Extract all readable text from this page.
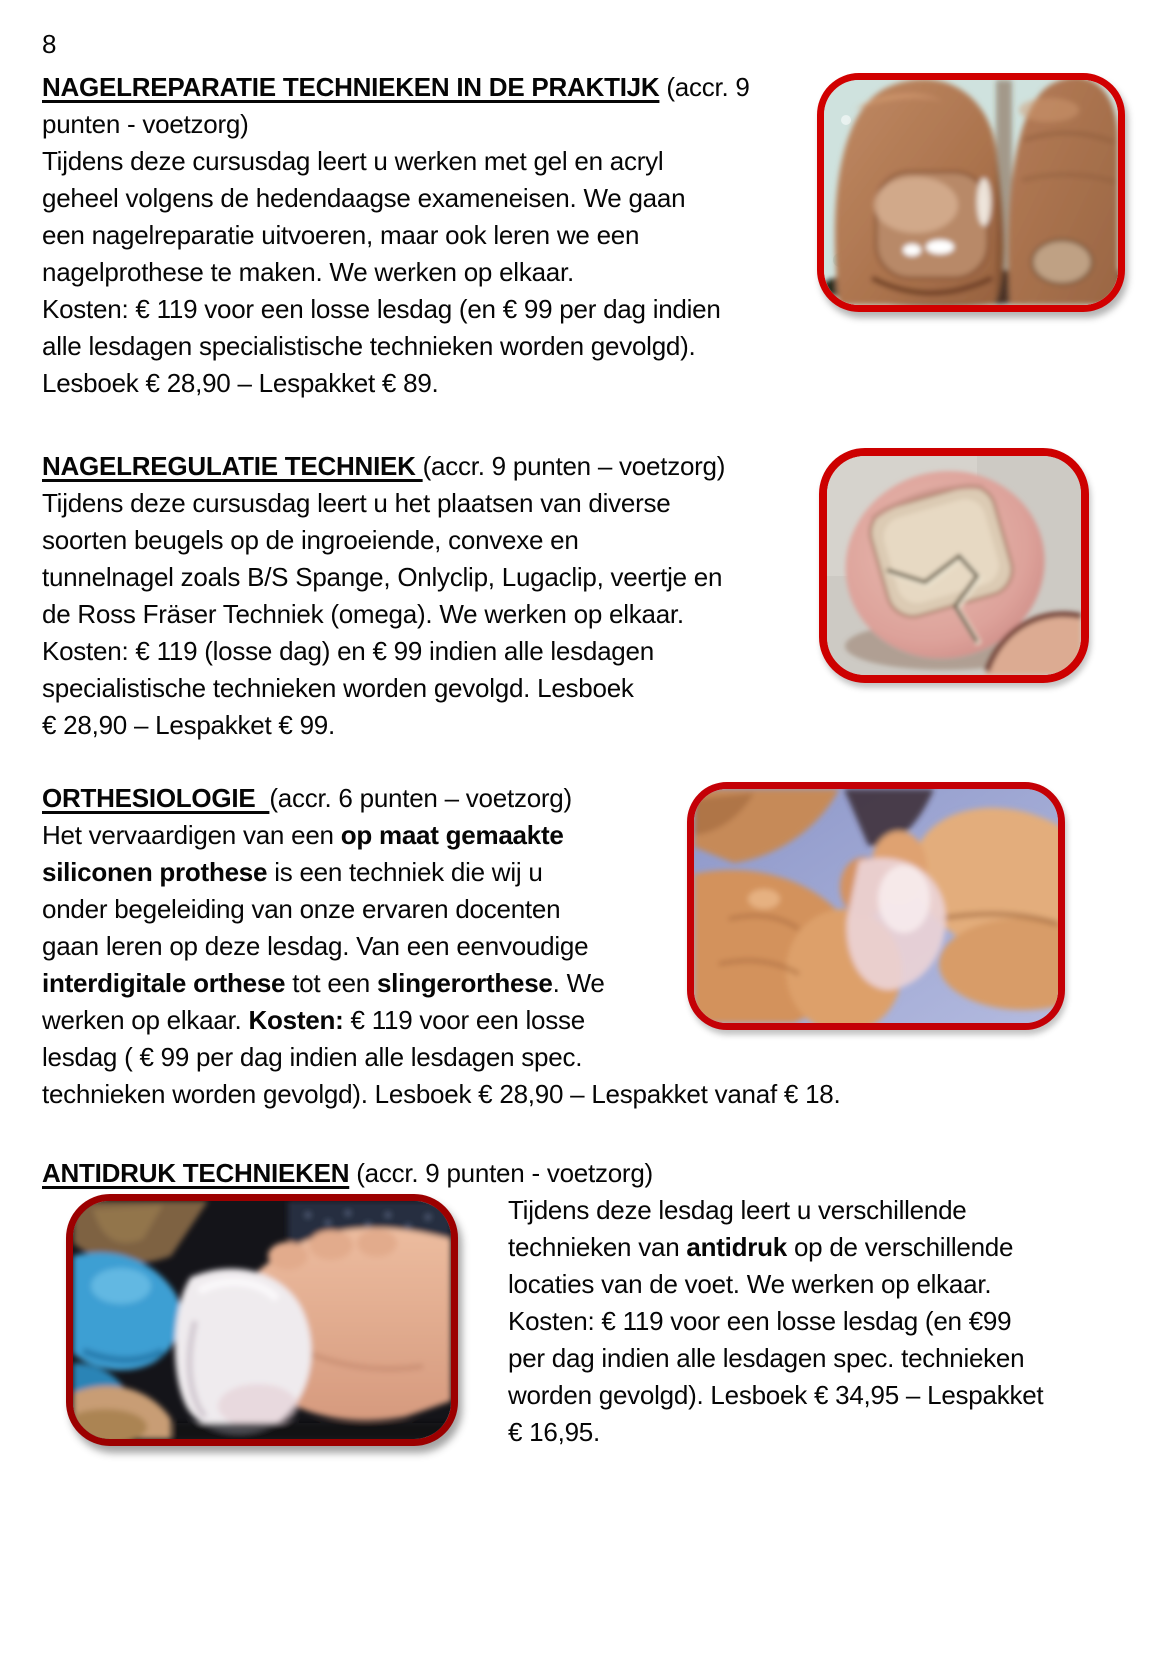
8

NAGELREPARATIE TECHNIEKEN IN DE PRAKTIJK (accr. 9
punten - voetzorg)

Tijdens deze cursusdag leert u werken met gel en acryl
geheel volgens de hedendaagse exameneisen. We gaan
een nagelreparatie uitvoeren, maar ook leren we een
nagelprothese te maken. We werken op elkaar.
Kosten: € 119 voor een losse lesdag (en € 99 per dag indien
alle lesdagen specialistische technieken worden gevolgd).
Lesboek € 28,90 – Lespakket € 89.

NAGELREGULATIE TECHNIEK (accr. 9 punten – voetzorg)

Tijdens deze cursusdag leert u het plaatsen van diverse
soorten beugels op de ingroeiende, convexe en
tunnelnagel zoals B/S Spange, Onlyclip, Lugaclip, veertje en
de Ross Fräser Techniek (omega). We werken op elkaar.
Kosten: € 119 (losse dag) en € 99 indien alle lesdagen
specialistische technieken worden gevolgd. Lesboek
€ 28,90 – Lespakket € 99.

ORTHESIOLOGIE  (accr. 6 punten – voetzorg)

Het vervaardigen van een op maat gemaakte
siliconen prothese is een techniek die wij u
onder begeleiding van onze ervaren docenten
gaan leren op deze lesdag. Van een eenvoudige
interdigitale orthese tot een slingerorthese. We
werken op elkaar. Kosten: € 119 voor een losse
lesdag ( € 99 per dag indien alle lesdagen spec.
technieken worden gevolgd). Lesboek € 28,90 – Lespakket vanaf € 18.

ANTIDRUK TECHNIEKEN (accr. 9 punten - voetzorg)

Tijdens deze lesdag leert u verschillende
technieken van antidruk op de verschillende
locaties van de voet. We werken op elkaar.
Kosten: € 119 voor een losse lesdag (en €99
per dag indien alle lesdagen spec. technieken
worden gevolgd). Lesboek € 34,95 – Lespakket
€ 16,95.
